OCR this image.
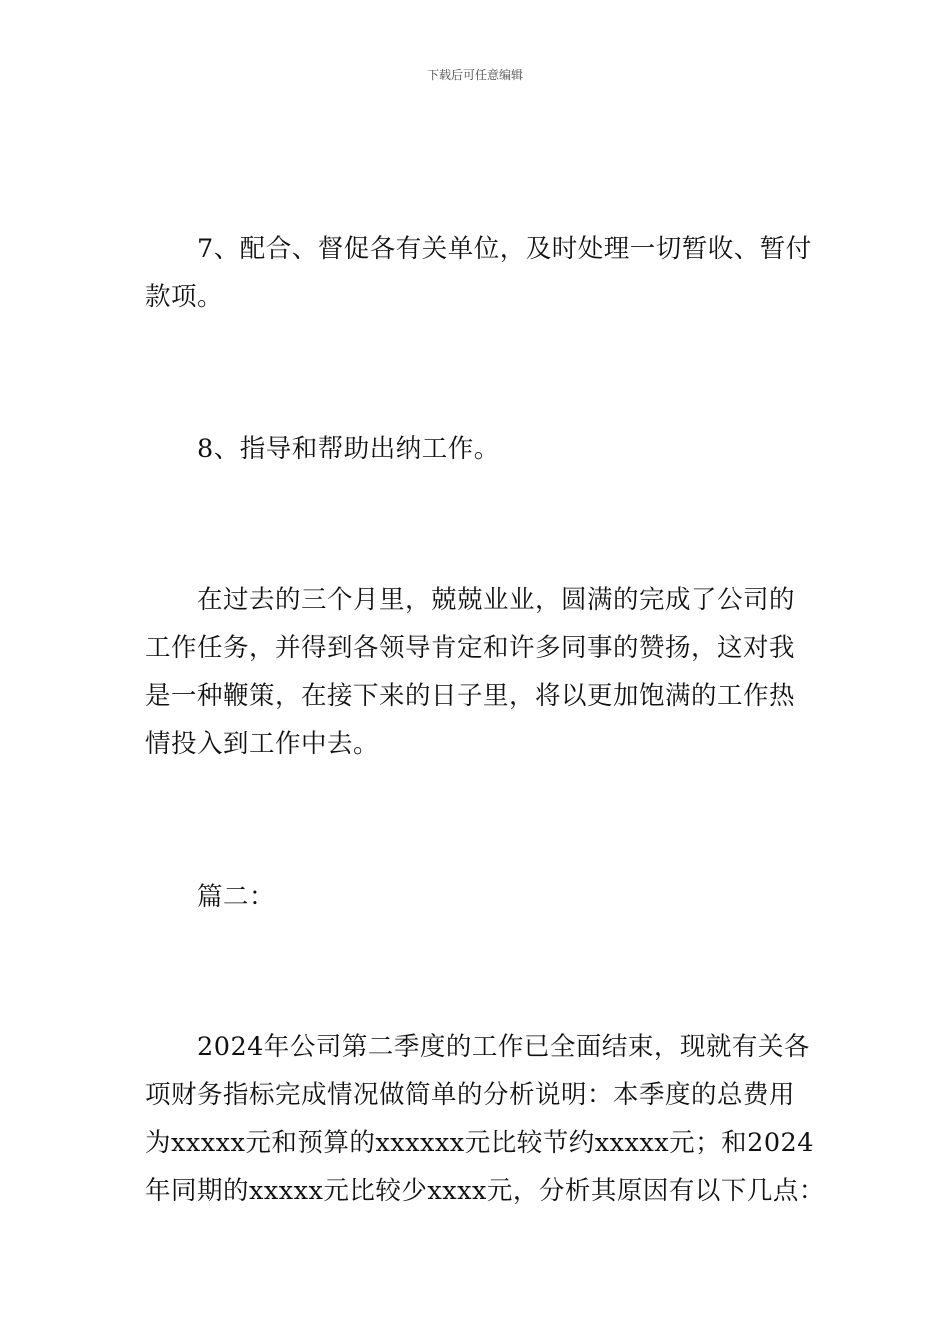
下载后可任意编辑
7、配合、督促各有关单位，及时处理一切暂收、暂付
款项。
8、指导和帮助出纳工作。
在过去的三个月里，兢兢业业，圆满的完成了公司的
工作任务，并得到各领导肯定和许多同事的赞扬，这对我
是一种鞭策，在接下来的日子里，将以更加饱满的工作热
情投入到工作中去。
篇二：
2024年公司第二季度的工作已全面结束，现就有关各
项财务指标完成情况做简单的分析说明：本季度的总费用
为xxxxx元和预算的xxxxxx元比较节约xxxxx元；和2024
年同期的xxxxx元比较少xxxx元，分析其原因有以下几点：
